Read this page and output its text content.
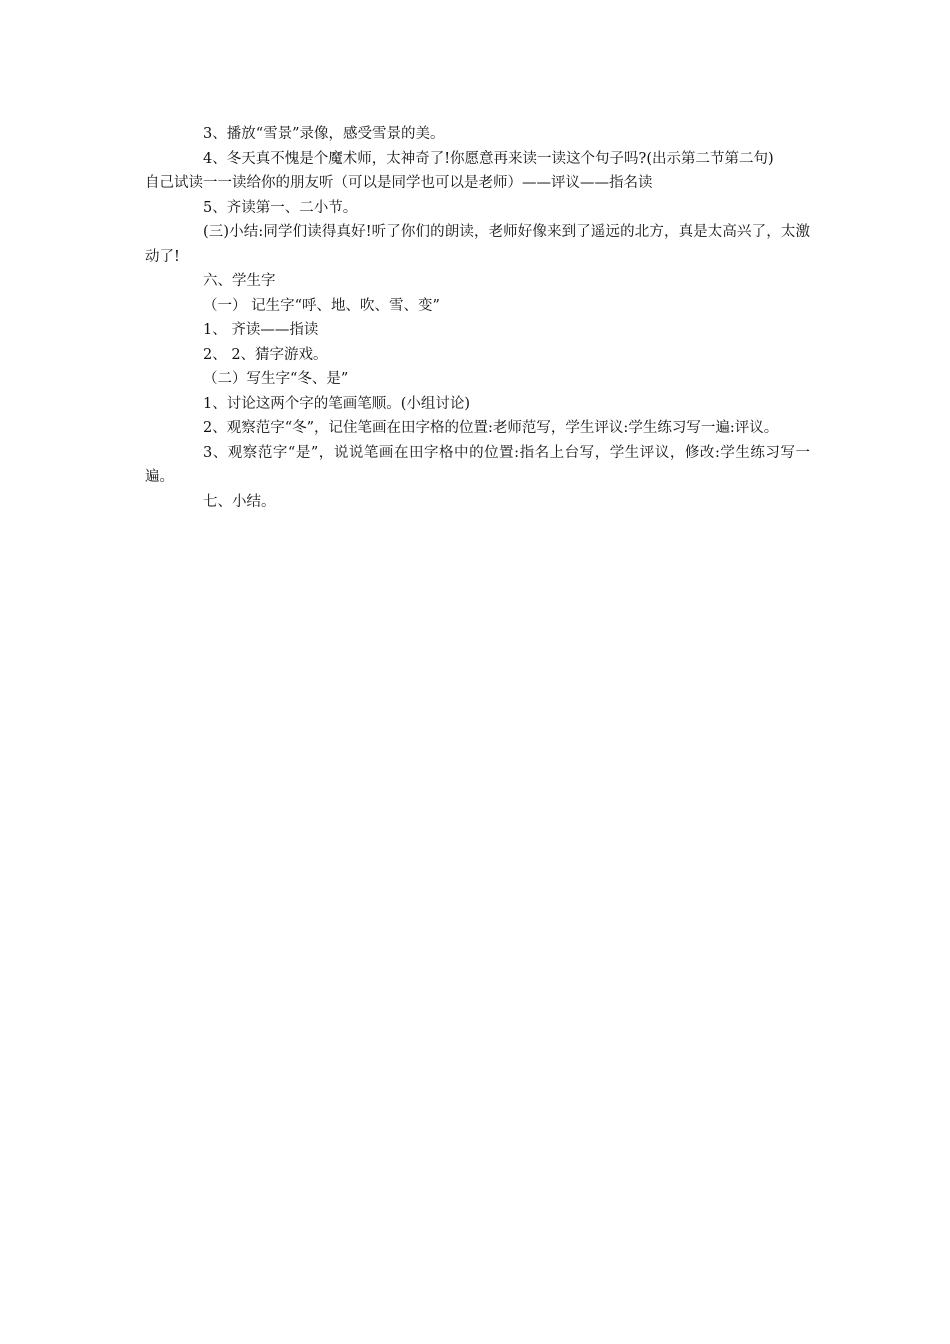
3、播放“雪景”录像，感受雪景的美。

4、冬天真不愧是个魔术师，太神奇了!你愿意再来读一读这个句子吗?(出示第二节第二句)

自己试读一一读给你的朋友听（可以是同学也可以是老师）——评议——指名读

5、齐读第一、二小节。

(三)小结:同学们读得真好!听了你们的朗读，老师好像来到了遥远的北方，真是太高兴了，太激动了!

六、学生字

（一） 记生字“呼、地、吹、雪、变”

1、 齐读——指读

2、 2、猜字游戏。

（二）写生字“冬、是”

1、讨论这两个字的笔画笔顺。(小组讨论)

2、观察范字“冬”，记住笔画在田字格的位置:老师范写，学生评议:学生练习写一遍:评议。

3、观察范字“是”，说说笔画在田字格中的位置:指名上台写，学生评议，修改:学生练习写一遍。

七、小结。
